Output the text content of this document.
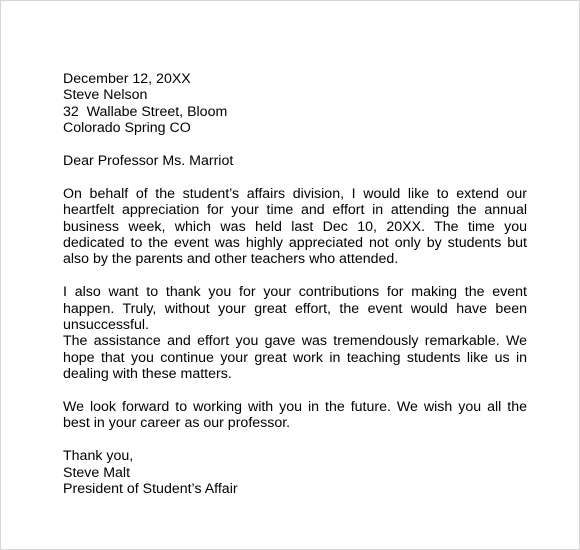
December 12, 20XX
Steve Nelson
32  Wallabe Street, Bloom
Colorado Spring CO
Dear Professor Ms. Marriot
On behalf of the student’s affairs division, I would like to extend our heartfelt appreciation for your time and effort in attending the annual business week, which was held last Dec 10, 20XX. The time you dedicated to the event was highly appreciated not only by students but also by the parents and other teachers who attended.
I also want to thank you for your contributions for making the event happen. Truly, without your great effort, the event would have been unsuccessful.
The assistance and effort you gave was tremendously remarkable. We hope that you continue your great work in teaching students like us in dealing with these matters.
We look forward to working with you in the future. We wish you all the best in your career as our professor.
Thank you,
Steve Malt
President of Student’s Affair
